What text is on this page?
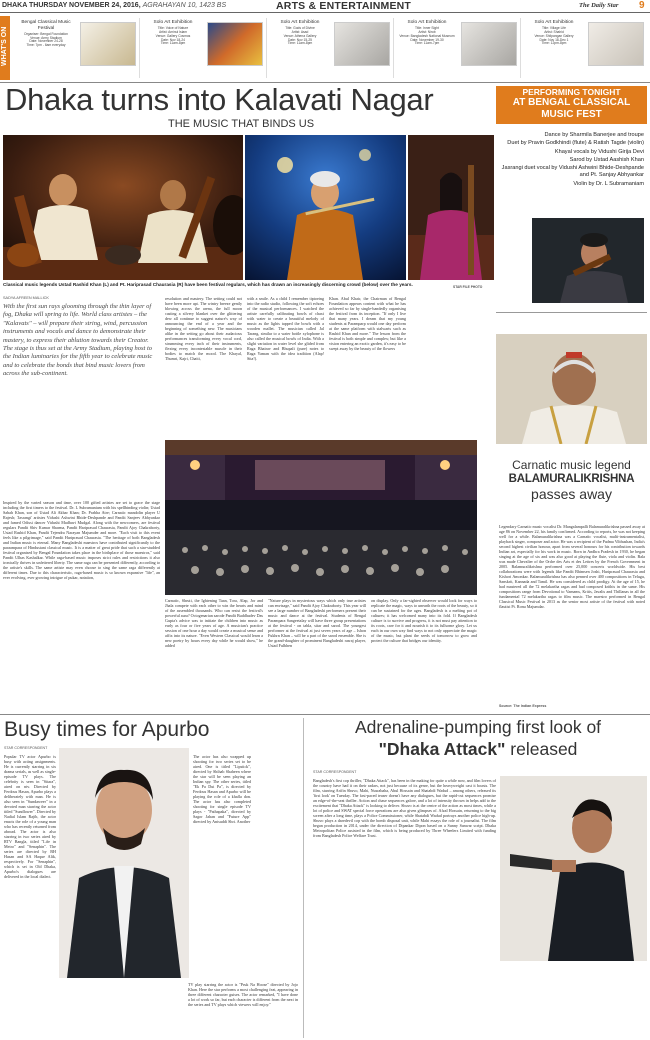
DHAKA THURSDAY NOVEMBER 24, 2016, AGRAHAYAN 10, 1423 BS	ARTS & ENTERTAINMENT	The Daily Star 9
WHAT'S ON
Bengal Classical Music Festival
Organiser: Bengal Foundation
Venue: Army Stadium
Date: November 24-28
Time: 7pm - 6am everyday
Solo Art Exhibition
Title: Voice of Nature
Artist: Aminul Islam
Venue: Gallery Cosmos
Date: Nov 18-24
Time: 11am-8pm
Solo Art Exhibition
Title: Gods of Divine
Artist: Asad
Venue: Athena Gallery
Date: Nov 15-25
Time: 11am-8pm
Solo Art Exhibition
Title: Inner Sight
Artist: Nirob
Venue: Bangladesh National Museum
Date: November 19-30
Time: 11am-7pm
Solo Art Exhibition
Title: Village Life
Artist: Shahid
Venue: Shilpangan Gallery
Date: Nov 18-Dec 1
Time: 12pm-8pm
Dhaka turns into Kalavati Nagar
THE MUSIC THAT BINDS US
Classical music legends Ustad Rashid Khan (L) and Pt. Hariprasad Chaurasia (R) have been festival regulars, which has drawn an increasingly discerning crowd (below) over the years.	STAR FILE PHOTO
SADYA AFREEN MALLICK
With the first sun rays glooming through the thin layer of fog, Dhaka will spring to life. World class artistes – the "Kalavats" – will prepare their string, wind, percussion instruments and vocals and dance to demonstrate their mastery, to express their ablution towards their Creator. The stage is thus set at the Army Stadium, playing host to the Indian luminaries for the fifth year to celebrate music and to celebrate the bonds that bind music lovers from across the sub-continent.
Inspired by the varied season and time, over 100 gifted artistes are set to grace the stage including the first timers to the festival. Dr. L Subramaniam with his spellbinding violin; Ustad Sabah Khan, son of Ustad Ali Akbar Khan; Dr. Prabha Atre; Carnatic mandolin player U Rajesh; 'Jasrangi' artistes Vidushi Ashwini Bhide-Deshpande and Pandit Sanjeev Abhyankar and famed Odissi dancer Vidushi Madhavi Mudgal. Along with the newcomers, are festival regulars Pandit Shiv Kumar Sharma, Pandit Hariprasad Chaurasia, Pandit Ajoy Chakraborty, Ustad Rashid Khan, Pandit Tejendra Narayan Majumder and more. "Each visit to this event feels like a pilgrimage," said Pandit Hariprasad Chaurasia. "The heritage of both Bangladesh and Indian music is eternal. Many Bangladeshi maestros have contributed significantly to the paraampara of Hindustani classical music. It is a matter of great pride that such a star-studded festival organised by Bengal Foundation takes place in the birthplace of those maestros," said Pandit Ulhas Kashalkar. While raga-based music imposes strict rules and restrictions it also ironically thrives in unfettered liberty. The same raga can be presented differently, according to the artiste's skills. The same artiste may even choose to sing the same raga differently at different times. Due to this characteristic, raga-based music is so known expansive "life", an ever evolving, ever growing intrigue of pukar, notation,
resolution and mastery. The setting could not have been more apt. The wintry breeze gently blowing across the arena, the full moon casting a silvery blanket over the glittering dew all continue to suggest nature's way of announcing the end of a year and the beginning of something new. The musicians alike in the setting go about their audacious performances transforming every vocal cord, strumming every inch of their instruments, flexing every incontestable muscle in their bodies to match the mood. The Khayal, Thumri, Kajri, Chaiti,
with a smile. As a child I remember tiptoeing into the radio studio, following the soft echoes of the musical performances. I watched the artiste carefully calibrating bowls of chaxi with water to create a beautiful melody of music as the lights tapped the bowls with a wooden mallet. The musician called Jal Tarang, similar to a water bottle xylophone is also called the musical bowls of India. With a slight variation in water level she glided from Raga Bhairav and Bhupali (pure) notes to Raga Yaman with the idea tradition (Alap! Sita!).
Khan. Abul Khair, the Chairman of Bengal Foundation appears content with what he has achieved so far by single-handedly organising the festival from its inception. "If only I live that many years. I dream that my young students at Paramparp would one day perform at the same platform with stalwarts such as Rashid Khan and more." The lesson from the festival is both simple and complex; but like a vision entering an exotic garden, it's easy to be swept away by the beauty of the flowers
Carnatic, Shruti, the Ightening Taan, Tora, Alap, Jor and Jhala compete with each other to win the hearts and mind of the assembled thousands. Who can resist the festival's powerful aura? Octogenarian sarode Pandit Buddhadev Das Gupta's advice was to initiate the children into music as early as four or five years of age. A musician's practice session of one hour a day would create a musical sense and affix into its nature. "Even Western Classical would learn a new poetry by hours every day while he would show," he added
"Nature plays in mysterious ways which only true artistes can envisage," said Pandit Ajoy Chakraborty. This year will see a large number of Bangladeshi performers present their music and dance at the festival. Students of Bengal Parampara Sangeetalay will have three group presentations at the festival - on tabla, sitar and sarod. The youngest performer at the festival at just seven years of age – Ishon Fukhrn Khan – will be a part of the sarod ensemble. She is the grand-daughter of prominent Bangladeshi rasraj player, Ustad Fulbhen
on display. Only a far-sighted observer would look for ways to replicate the magic, ways to unearth the roots of the beauty, so it can be sustained for the ages. Bangladesh is a melting pot of cultures; it has welcomed many into its fold. If Bangladesh culture is to survive and progress, it is not must pay attention to its roots, care for it and nourish it to its fullsome glory. Let us each in our own way find ways to not only appreciate the magic of the music, but plant the seeds of tomorrow to grow and protect the culture that bridges our identity.
PERFORMING TONIGHT
AT BENGAL CLASSICAL MUSIC FEST
Dance by Sharmila Banerjee and troupe
Duet by Pravin Godkhindi (flute) & Ratish Tagde (violin)
Khayal vocals by Vidushi Girija Devi
Sarod by Ustad Aashish Khan
Jasrangi duet vocal by Vidushi Ashwini Bhide-Deshpande and Pt. Sanjay Abhyankar
Violin by Dr. L Subramaniam
Carnatic music legend
BALAMURALIKRISHNA
passes away
Legendary Carnatic music vocalist Dr. Mangalampalli Balamuralikrishna passed away at age 86 on November 22, his family confirmed. According to reports, he was not keeping well for a while. Balamuralikrishna was a Carnatic vocalist, multi-instrumentalist, playback singer, composer and actor. He was a recipient of the Padma Vibhushan, India's second highest civilian honour, apart from several honours for his contribution towards Indian art, especially for his work in music. Born in Andhra Pradesh in 1930, he began singing at the age of six and was also good at playing the flute, viola and violin. Bala was made Chevalier of the Ordre des Arts et des Lettres by the French Government in 2005. Balamuralikrishna performed over 25,000 concerts worldwide. His best collaborations were with legends like Pandit Bhimsen Joshi, Hariprasad Chaurasia and Kishori Amonkar. Balamuralikrishna has also penned over 400 compositions in Telugu, Sanskrit, Kannada and Tamil. He was considered as child prodigy. At the age of 15, he had mastered all the 72 melakartha ragas and had composed krithis in the same. His compositions range from Devotional to Varnams, Kritis, Javalis and Thillanas in all the fundamental 72 melakartha ragas to film music. The maestro performed in Bengal Classical Music Festival in 2013 as the senior most artiste of the festival with noted flautist Pt. Ronu Majumdar.
Source: The Indian Express
Busy times for Apurbo
STAR CORRESPONDENT
Popular TV actor Apurbo is busy with acting assignments. He is currently starring in six drama serials, as well as single-episode TV plays. The celebrity is seen in "Sitara", aired on ntv. Directed by Ferdous Hasan, Apurbo plays a deliberately with man. He is also seen in "Sundaweer" in a devoted man starring the actor titled "Sundlower". Directed by Nadial Islam Rajib, the actor enacts the role of a young man who has recently returned from abroad. The actor is also starring in two series aired by RTV Bangla, titled "Life in Metro" and "Senaphin". The series are directed by BH Hasan and SA Haque Alik, respectively. For "Senaphin", which is set in Old Dhaka, Apurbo's dialogues are delivered in the local dialect.
The actor has also wrapped up shooting for two series set to be aired. One is titled "Lipstick", directed by Shihab Shaheen where the star will be seen playing an Indian spy. The other series, titled "Ek Pa Dui Pa", is directed by Ferdous Hasan and Apurbo will be playing the role of a khafla don. The actor has also completed shooting for single episode TV plays - "Pathapaka", directed by Sagor Jahan and "Future App" directed by Anisuddi Shri. Another
TV play starring the actor is "Pruk Na Hoose" directed by Jojo Khan. Here the star performs a most challenging feat, appearing in three different character guises. The actor remarked, "I have done a lot of work so far, but each character is different from the next in the series and TV plays which viewers will enjoy."
Adrenaline-pumping first look of
"Dhaka Attack" released
STAR CORRESPONDENT
Bangladesh's first cop thriller, "Dhaka Attack", has been in the making for quite a while now, and film lovers of the country have had it on their radars, not just because of its genre, but the heavyweight cast it boasts. The film, starring Arifin Shuvo, Mahi, Nusrabaha, Abul Hossain and Shatabdi Wadud – among others, released its 'first look' on Tuesday. The fast-paced teaser doesn't have any dialogues, but the rapid-cut sequences promise an edge-of-the-seat thriller. Action and chase sequences galore, and a lot of intensity thrown in helps add to the excitement that "Dhaka Attack" is looking to deliver. Shuvo is at the centre of the action as most times, while a lot of police and SWAT special force operations are also given glimpses of. Afzal Hossain, returning to the big screen after a long time, plays a Police Commissioner, while Shatabdi Wadud portrays another police high-up. Shuvo plays a daredevil cop with the bomb disposal unit, while Mahi essays the role of a journalist. The film began production in 2014, under the direction of Dipankar Dipon based on a Sunny Sanwar script. Dhaka Metropolitan Police assisted in the film, which is being produced by Three Wheelers Limited with funding from Bangladesh Police Welfare Trust.
